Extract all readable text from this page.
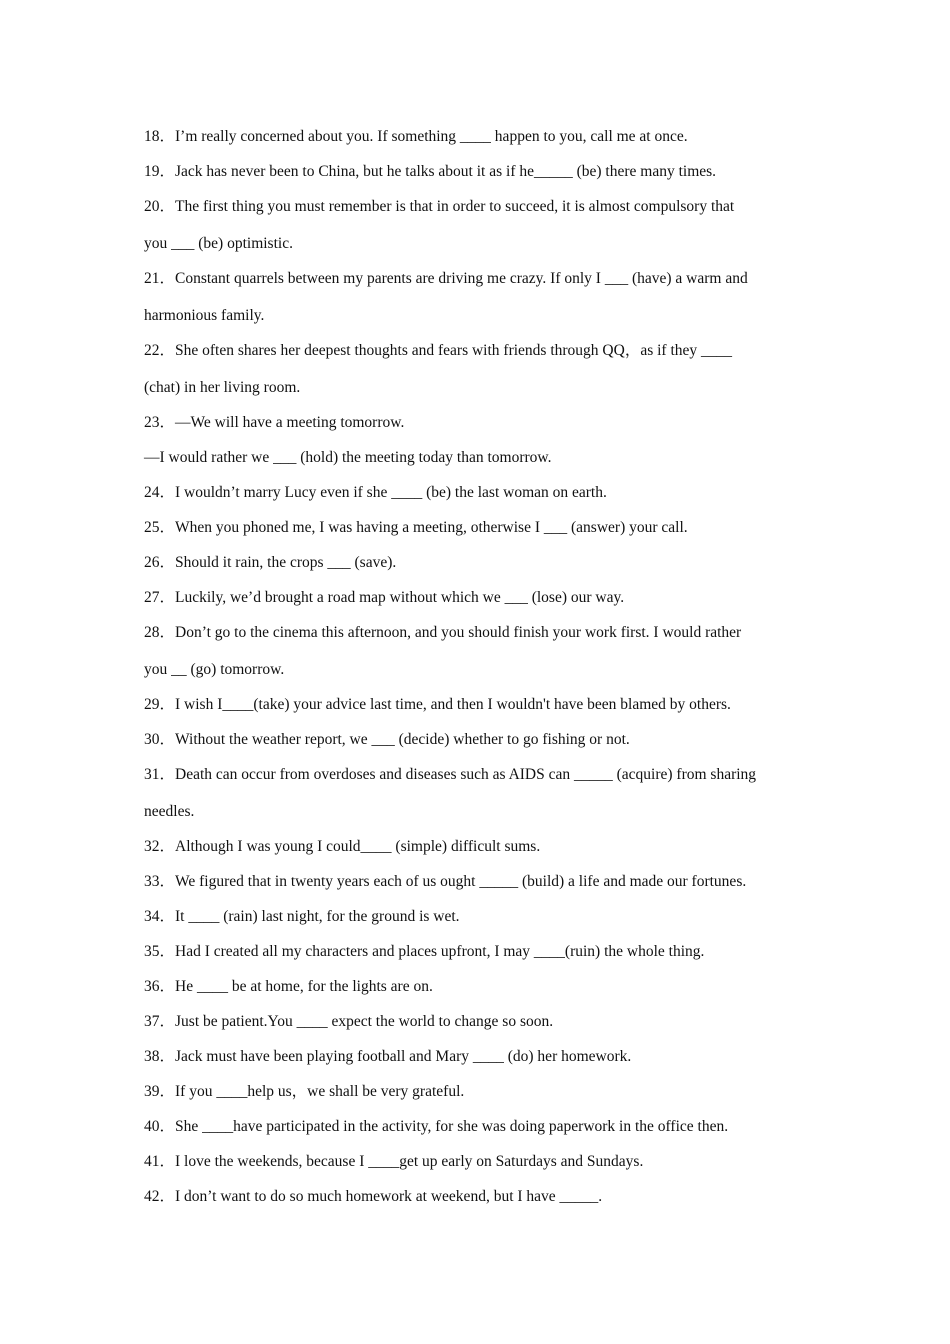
18．I’m really concerned about you. If something ____ happen to you, call me at once.
19．Jack has never been to China, but he talks about it as if he_____ (be) there many times.
20．The first thing you must remember is that in order to succeed, it is almost compulsory that
you ___ (be) optimistic.
21．Constant quarrels between my parents are driving me crazy. If only I ___ (have) a warm and
harmonious family.
22．She often shares her deepest thoughts and fears with friends through QQ，as if they ____
(chat) in her living room.
23．—We will have a meeting tomorrow.
—I would rather we ___ (hold) the meeting today than tomorrow.
24．I wouldn’t marry Lucy even if she ____ (be) the last woman on earth.
25．When you phoned me, I was having a meeting, otherwise I ___ (answer) your call.
26．Should it rain, the crops ___ (save).
27．Luckily, we’d brought a road map without which we ___ (lose) our way.
28．Don’t go to the cinema this afternoon, and you should finish your work first. I would rather
you __ (go) tomorrow.
29．I wish I____(take) your advice last time, and then I wouldn't have been blamed by others.
30．Without the weather report, we ___ (decide) whether to go fishing or not.
31．Death can occur from overdoses and diseases such as AIDS can _____ (acquire) from sharing
needles.
32．Although I was young I could____ (simple) difficult sums.
33．We figured that in twenty years each of us ought _____ (build) a life and made our fortunes.
34．It ____ (rain) last night, for the ground is wet.
35．Had I created all my characters and places upfront, I may ____(ruin) the whole thing.
36．He ____ be at home, for the lights are on.
37．Just be patient.You ____ expect the world to change so soon.
38．Jack must have been playing football and Mary ____ (do) her homework.
39．If you ____help us，we shall be very grateful.
40．She ____have participated in the activity, for she was doing paperwork in the office then.
41．I love the weekends, because I ____get up early on Saturdays and Sundays.
42．I don’t want to do so much homework at weekend, but I have _____.
